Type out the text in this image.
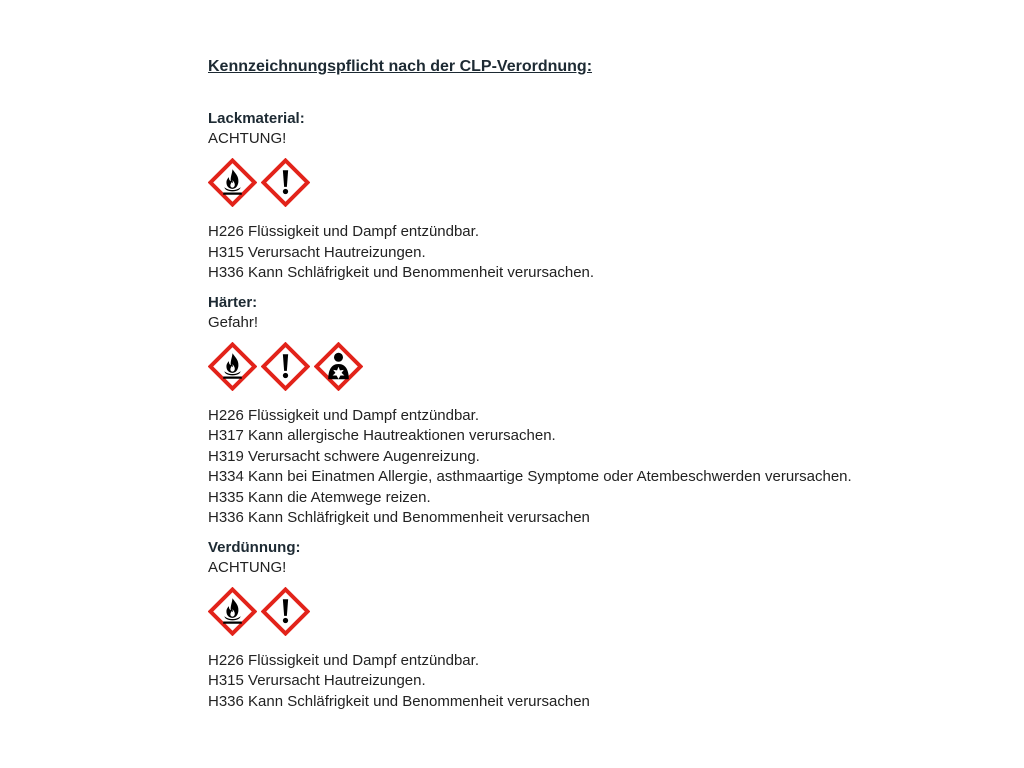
Kennzeichnungspflicht nach der CLP-Verordnung:
Lackmaterial:
ACHTUNG!
H226 Flüssigkeit und Dampf entzündbar.
H315 Verursacht Hautreizungen.
H336 Kann Schläfrigkeit und Benommenheit verursachen.
Härter:
Gefahr!
H226 Flüssigkeit und Dampf entzündbar.
H317 Kann allergische Hautreaktionen verursachen.
H319 Verursacht schwere Augenreizung.
H334 Kann bei Einatmen Allergie, asthmaartige Symptome oder Atembeschwerden verursachen.
H335 Kann die Atemwege reizen.
H336 Kann Schläfrigkeit und Benommenheit verursachen
Verdünnung:
ACHTUNG!
H226 Flüssigkeit und Dampf entzündbar.
H315 Verursacht Hautreizungen.
H336 Kann Schläfrigkeit und Benommenheit verursachen
